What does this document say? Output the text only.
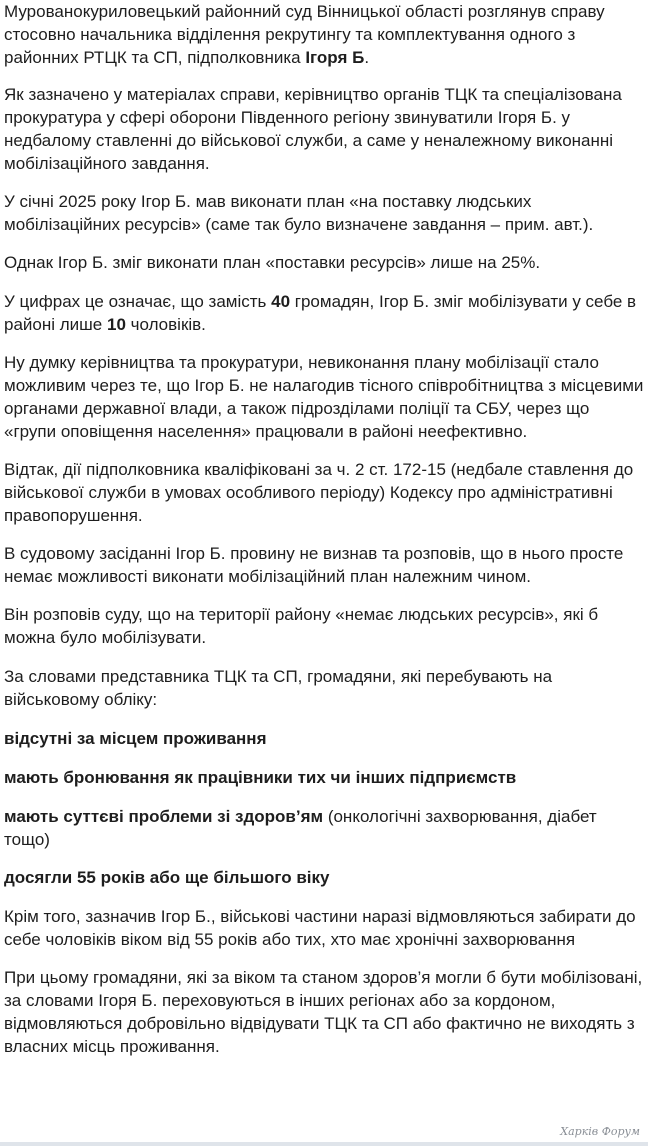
Мурованокуриловецький районний суд Вінницької області розглянув справу стосовно начальника відділення рекрутингу та комплектування одного з районних РТЦК та СП, підполковника Ігоря Б.

Як зазначено у матеріалах справи, керівництво органів ТЦК та спеціалізована прокуратура у сфері оборони Південного регіону звинуватили Ігоря Б. у недбалому ставленні до військової служби, а саме у неналежному виконанні мобілізаційного завдання.

У січні 2025 року Ігор Б. мав виконати план «на поставку людських мобілізаційних ресурсів» (саме так було визначене завдання – прим. авт.).

Однак Ігор Б. зміг виконати план «поставки ресурсів» лише на 25%.

У цифрах це означає, що замість 40 громадян, Ігор Б. зміг мобілізувати у себе в районі лише 10 чоловіків.

Ну думку керівництва та прокуратури, невиконання плану мобілізації стало можливим через те, що Ігор Б. не налагодив тісного співробітництва з місцевими органами державної влади, а також підрозділами поліції та СБУ, через що «групи оповіщення населення» працювали в районі неефективно.

Відтак, дії підполковника кваліфіковані за ч. 2 ст. 172-15 (недбале ставлення до військової служби в умовах особливого періоду) Кодексу про адміністративні правопорушення.

В судовому засіданні Ігор Б. провину не визнав та розповів, що в нього просте немає можливості виконати мобілізаційний план належним чином.

Він розповів суду, що на території району «немає людських ресурсів», які б можна було мобілізувати.

За словами представника ТЦК та СП, громадяни, які перебувають на військовому обліку:

відсутні за місцем проживання

мають бронювання як працівники тих чи інших підприємств

мають суттєві проблеми зі здоров’ям (онкологічні захворювання, діабет тощо)

досягли 55 років або ще більшого віку

Крім того, зазначив Ігор Б., військові частини наразі відмовляються забирати до себе чоловіків віком від 55 років або тих, хто має хронічні захворювання

При цьому громадяни, які за віком та станом здоров’я могли б бути мобілізовані, за словами Ігоря Б. переховуються в інших регіонах або за кордоном, відмовляються добровільно відвідувати ТЦК та СП або фактично не виходять з власних місць проживання.

Харків Форум
